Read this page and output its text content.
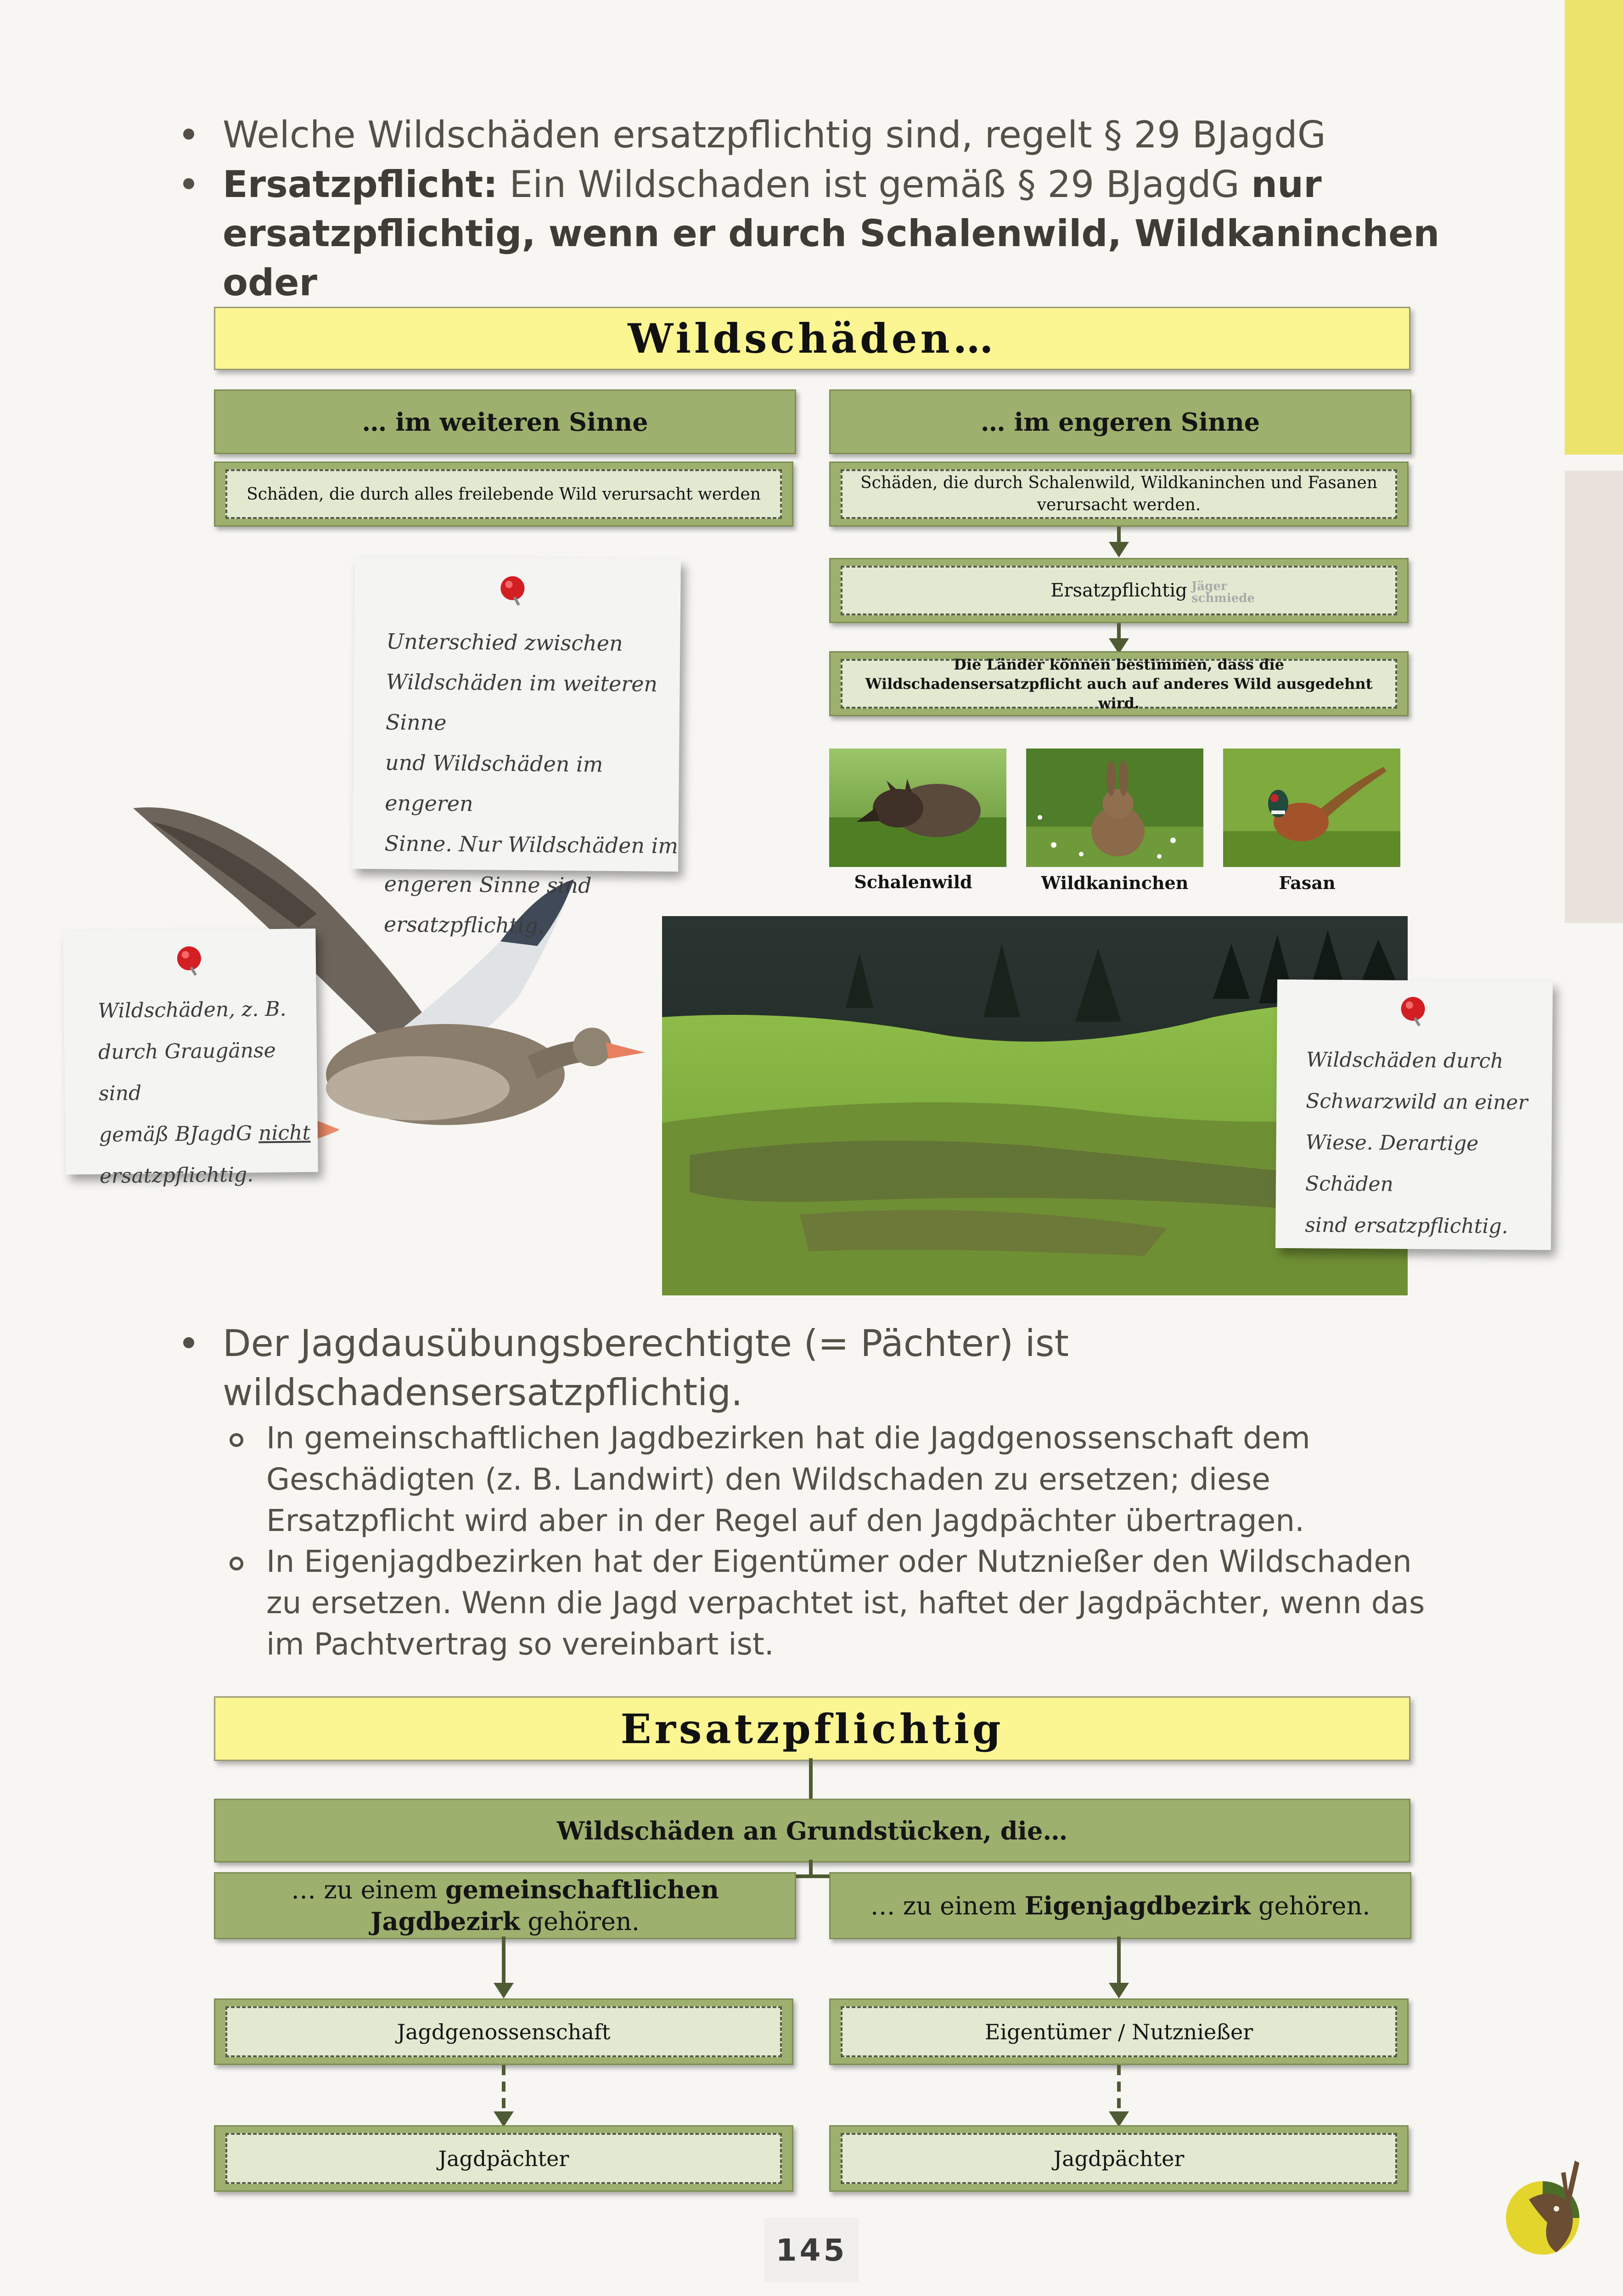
Welche Wildschäden ersatzpflichtig sind, regelt § 29 BJagdG
Ersatzpflicht: Ein Wildschaden ist gemäß § 29 BJagdG nur
ersatzpflichtig, wenn er durch Schalenwild, Wildkaninchen oder

Wildschäden…
… im weiteren Sinne	… im engeren Sinne
Schäden, die durch alles freilebende Wild verursacht werden
Schäden, die durch Schalenwild, Wildkaninchen und Fasanen verursacht werden.
Ersatzpflichtig Jäger
schmiede
Die Länder können bestimmen, dass die Wildschadensersatzpflicht auch auf anderes Wild ausgedehnt wird.
Schalenwild	Wildkaninchen	Fasan
Unterschied zwischen
Wildschäden im weiteren Sinne
und Wildschäden im engeren
Sinne. Nur Wildschäden im
engeren Sinne sind
ersatzpflichtig.
Wildschäden, z. B.
durch Graugänse sind
gemäß BJagdG nicht
ersatzpflichtig.
Wildschäden durch
Schwarzwild an einer
Wiese. Derartige Schäden
sind ersatzpflichtig.
Der Jagdausübungsberechtigte (= Pächter) ist
wildschadensersatzpflichtig.
In gemeinschaftlichen Jagdbezirken hat die Jagdgenossenschaft dem
Geschädigten (z. B. Landwirt) den Wildschaden zu ersetzen; diese
Ersatzpflicht wird aber in der Regel auf den Jagdpächter übertragen.
In Eigenjagdbezirken hat der Eigentümer oder Nutznießer den Wildschaden
zu ersetzen. Wenn die Jagd verpachtet ist, haftet der Jagdpächter, wenn das
im Pachtvertrag so vereinbart ist.
Ersatzpflichtig
Wildschäden an Grundstücken, die…
… zu einem gemeinschaftlichen
Jagdbezirk gehören.
… zu einem Eigenjagdbezirk gehören.
Jagdgenossenschaft	Eigentümer / Nutznießer
Jagdpächter	Jagdpächter
145
